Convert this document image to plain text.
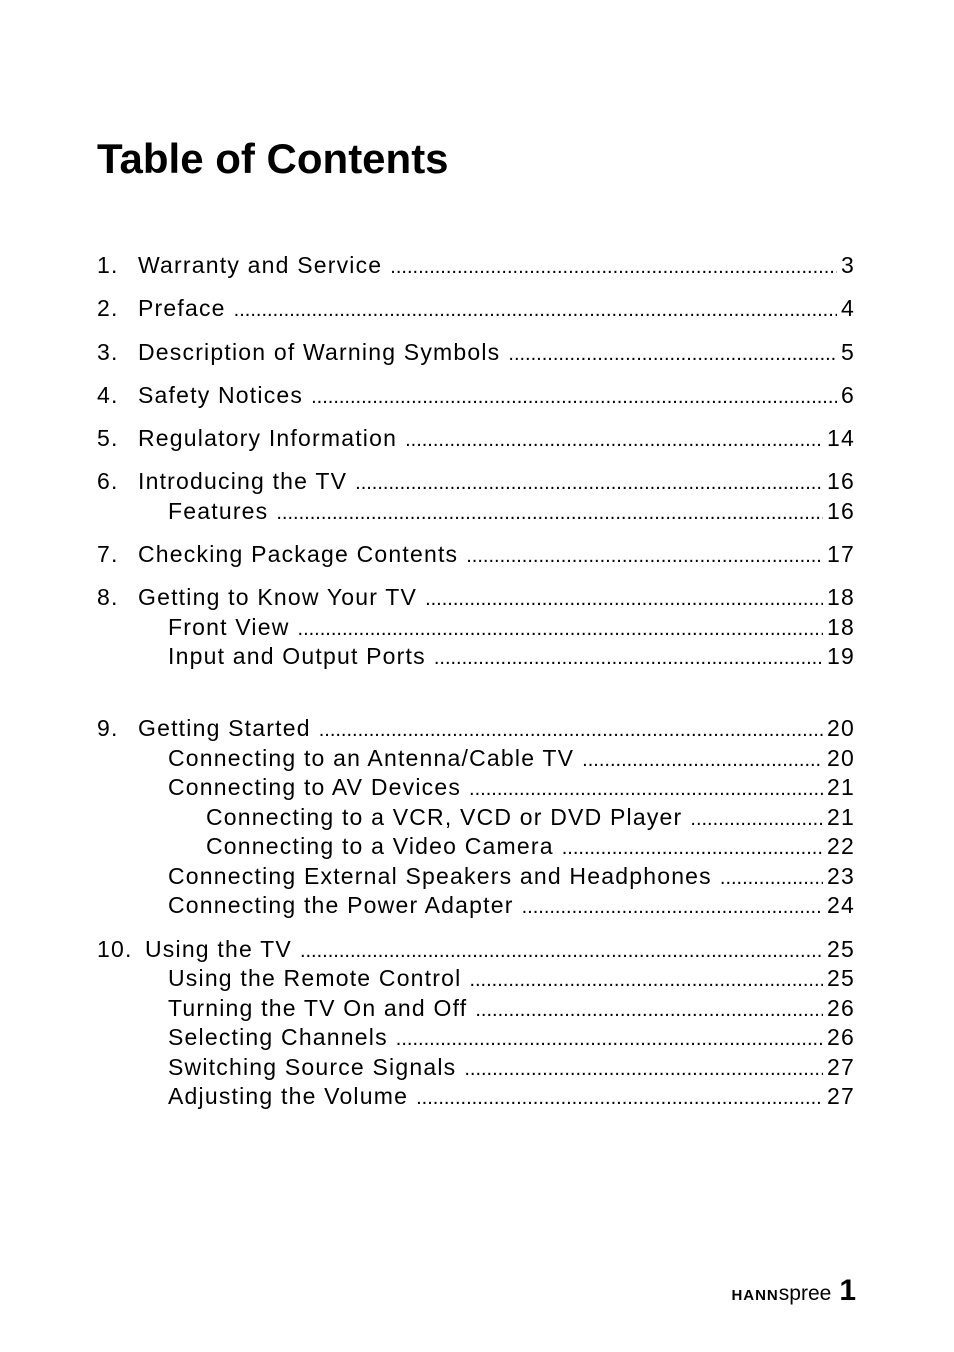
Table of Contents
1. Warranty and Service .....	3
2. Preface .....	4
3. Description of Warning Symbols .....	5
4. Safety Notices .....	6
5. Regulatory Information .....	14
6. Introducing the TV .....	16
Features .....	16
7. Checking Package Contents .....	17
8. Getting to Know Your TV .....	18
Front View .....	18
Input and Output Ports .....	19
9. Getting Started .....	20
Connecting to an Antenna/Cable TV .....	20
Connecting to AV Devices .....	21
Connecting to a VCR, VCD or DVD Player .....	21
Connecting to a Video Camera .....	22
Connecting External Speakers and Headphones .....	23
Connecting the Power Adapter .....	24
10. Using the TV .....	25
Using the Remote Control .....	25
Turning the TV On and Off .....	26
Selecting Channels .....	26
Switching Source Signals .....	27
Adjusting the Volume .....	27
HANN spree 1
